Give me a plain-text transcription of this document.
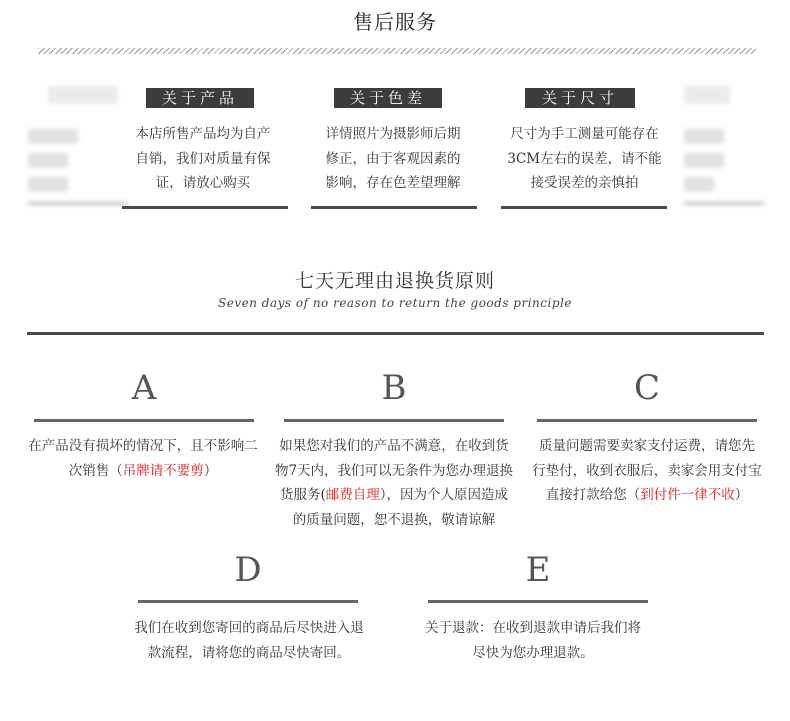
售后服务
▓▓▓▓▓
▓▓▓▓
▓▓▓▓
▓▓▓▓
▓▓▓▓
▓▓▓
关于产品
本店所售产品均为自产
自销，我们对质量有保
证，请放心购买
关于色差
详情照片为摄影师后期
修正，由于客观因素的
影响，存在色差望理解
关于尺寸
尺寸为手工测量可能存在
3CM左右的误差，请不能
接受误差的亲慎拍
七天无理由退换货原则
Seven days of no reason to return the goods principle
A
在产品没有损坏的情况下，且不影响二
次销售（吊牌请不要剪）
B
如果您对我们的产品不满意，在收到货
物7天内，我们可以无条件为您办理退换
货服务(邮费自理），因为个人原因造成
的质量问题，恕不退换，敬请谅解
C
质量问题需要卖家支付运费，请您先
行垫付，收到衣服后，卖家会用支付宝
直接打款给您（到付件一律不收）
D
我们在收到您寄回的商品后尽快进入退
款流程，请将您的商品尽快寄回。
E
关于退款：在收到退款申请后我们将
尽快为您办理退款。
